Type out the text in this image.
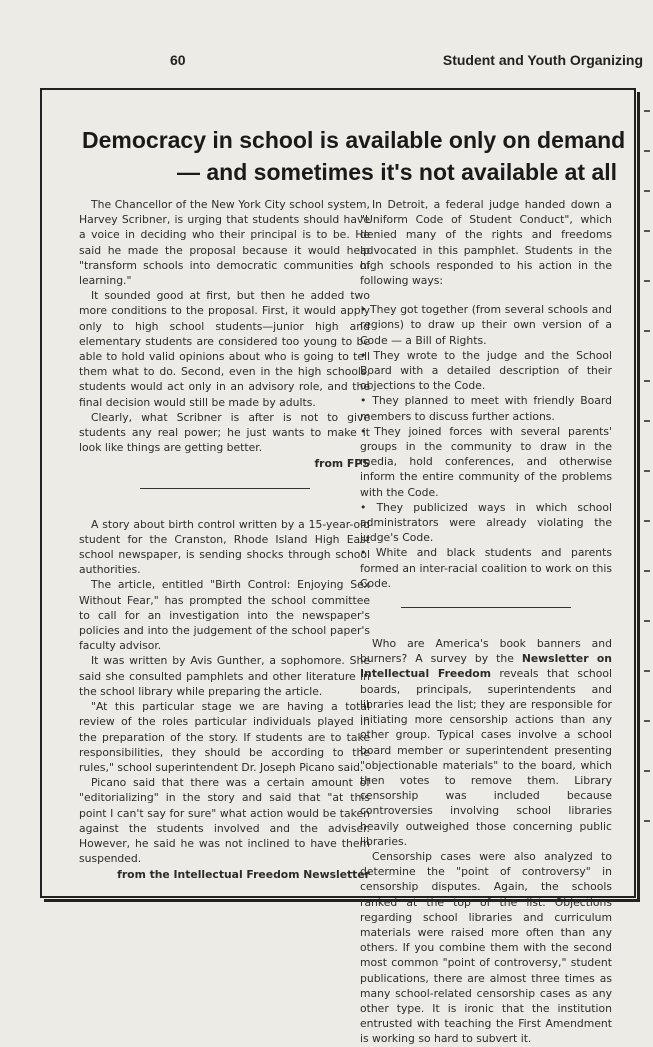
60	Student and Youth Organizing
Democracy in school is available only on demand
— and sometimes it's not available at all

The Chancellor of the New York City school system, Harvey Scribner, is urging that students should have a voice in deciding who their principal is to be. He said he made the proposal because it would help "transform schools into democratic communities of learning."

It sounded good at first, but then he added two more conditions to the proposal. First, it would apply only to high school students—junior high and elementary students are considered too young to be able to hold valid opinions about who is going to tell them what to do. Second, even in the high schools, students would act only in an advisory role, and the final decision would still be made by adults.

Clearly, what Scribner is after is not to give students any real power; he just wants to make it look like things are getting better.

from FPS

A story about birth control written by a 15-year-old student for the Cranston, Rhode Island High East school newspaper, is sending shocks through school authorities.

The article, entitled "Birth Control: Enjoying Sex Without Fear," has prompted the school committee to call for an investigation into the newspaper's policies and into the judgement of the school paper's faculty advisor.

It was written by Avis Gunther, a sophomore. She said she consulted pamphlets and other literature in the school library while preparing the article.

"At this particular stage we are having a total review of the roles particular individuals played in the preparation of the story. If students are to take responsibilities, they should be according to the rules," school superintendent Dr. Joseph Picano said.

Picano said that there was a certain amount of "editorializing" in the story and said that "at this point I can't say for sure" what action would be taken against the students involved and the adviser. However, he said he was not inclined to have them suspended.

from the Intellectual Freedom Newsletter

In Detroit, a federal judge handed down a "Uniform Code of Student Conduct", which denied many of the rights and freedoms advocated in this pamphlet. Students in the high schools responded to his action in the following ways:

• They got together (from several schools and regions) to draw up their own version of a Code — a Bill of Rights.

• They wrote to the judge and the School Board with a detailed description of their objections to the Code.

• They planned to meet with friendly Board members to discuss further actions.

• They joined forces with several parents' groups in the community to draw in the media, hold conferences, and otherwise inform the entire community of the problems with the Code.

• They publicized ways in which school administrators were already violating the judge's Code.

• White and black students and parents formed an inter-racial coalition to work on this Code.

Who are America's book banners and burners? A survey by the Newsletter on Intellectual Freedom reveals that school boards, principals, superintendents and libraries lead the list; they are responsible for initiating more censorship actions than any other group. Typical cases involve a school board member or superintendent presenting "objectionable materials" to the board, which then votes to remove them. Library censorship was included because controversies involving school libraries heavily outweighed those concerning public libraries.

Censorship cases were also analyzed to determine the "point of controversy" in censorship disputes. Again, the schools ranked at the top of the list. Objections regarding school libraries and curriculum materials were raised more often than any others. If you combine them with the second most common "point of controversy," student publications, there are almost three times as many school-related censorship cases as any other type. It is ironic that the institution entrusted with teaching the First Amendment is working so hard to subvert it.
